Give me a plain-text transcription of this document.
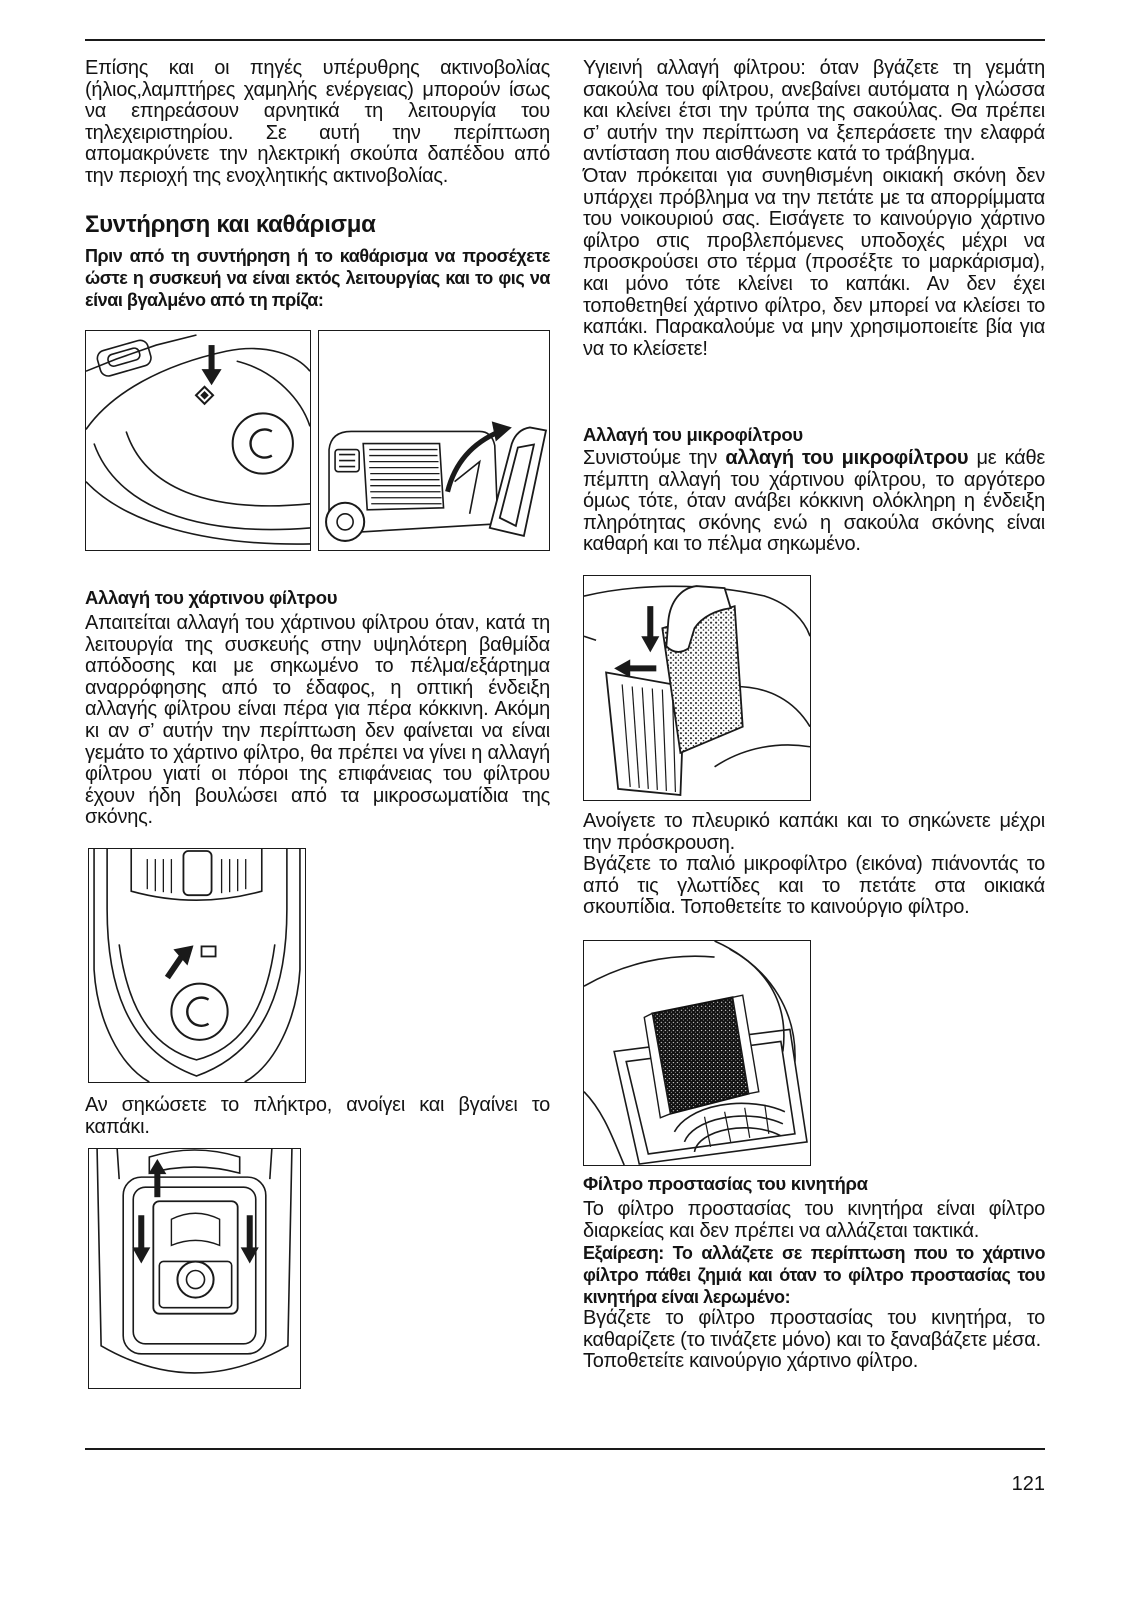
Επίσης και οι πηγές υπέρυθρης ακτινοβολίας (ήλιος,λαμπτήρες χαμηλής ενέργειας) μπορούν ίσως να επηρεάσουν αρνητικά τη λειτουργία του τηλεχειριστηρίου. Σε αυτή την περίπτωση απομακρύνετε την ηλεκτρική σκούπα δαπέδου από την περιοχή της ενοχλητικής ακτινοβολίας.

Συντήρηση και καθάρισμα

Πριν από τη συντήρηση ή το καθάρισμα να προσέχετε ώστε η συσκευή να είναι εκτός λειτουργίας και το φις να είναι βγαλμένο από τη πρίζα:

Αλλαγή του χάρτινου φίλτρου

Απαιτείται αλλαγή του χάρτινου φίλτρου όταν, κατά τη λειτουργία της συσκευής στην υψηλότερη βαθμίδα απόδοσης και με σηκωμένο το πέλμα/εξάρτημα αναρρόφησης από το έδαφος, η οπτική ένδειξη αλλαγής φίλτρου είναι πέρα για πέρα κόκκινη. Ακόμη κι αν σ’ αυτήν την περίπτωση δεν φαίνεται να είναι γεμάτο το χάρτινο φίλτρο, θα πρέπει να γίνει η αλλαγή φίλτρου γιατί οι πόροι της επιφάνειας του φίλτρου έχουν ήδη βουλώσει από τα μικροσωματίδια της σκόνης.

Αν σηκώσετε το πλήκτρο, ανοίγει και βγαίνει το καπάκι.

Υγιεινή αλλαγή φίλτρου: όταν βγάζετε τη γεμάτη σακούλα του φίλτρου, ανεβαίνει αυτόματα η γλώσσα και κλείνει έτσι την τρύπα της σακούλας. Θα πρέπει σ’ αυτήν την περίπτωση να ξεπεράσετε την ελαφρά αντίσταση που αισθάνεστε κατά το τράβηγμα.

Όταν πρόκειται για συνηθισμένη οικιακή σκόνη δεν υπάρχει πρόβλημα να την πετάτε με τα απορρίμματα του νοικουριού σας. Εισάγετε το καινούργιο χάρτινο φίλτρο στις προβλεπόμενες υποδοχές μέχρι να προσκρούσει στο τέρμα (προσέξτε το μαρκάρισμα), και μόνο τότε κλείνει το καπάκι. Αν δεν έχει τοποθετηθεί χάρτινο φίλτρο, δεν μπορεί να κλείσει το καπάκι. Παρακαλούμε να μην χρησιμοποιείτε βία για να το κλείσετε!

Αλλαγή του μικροφίλτρου

Συνιστούμε την αλλαγή του μικροφίλτρου με κάθε πέμπτη αλλαγή του χάρτινου φίλτρου, το αργότερο όμως τότε, όταν ανάβει κόκκινη ολόκληρη η ένδειξη πληρότητας σκόνης ενώ η σακούλα σκόνης είναι καθαρή και το πέλμα σηκωμένο.

Ανοίγετε το πλευρικό καπάκι και το σηκώνετε μέχρι την πρόσκρουση.

Βγάζετε το παλιό μικροφίλτρο (εικόνα) πιάνοντάς το από τις γλωττίδες και το πετάτε στα οικιακά σκουπίδια. Τοποθετείτε το καινούργιο φίλτρο.

Φίλτρο προστασίας του κινητήρα

Το φίλτρο προστασίας του κινητήρα είναι φίλτρο διαρκείας και δεν πρέπει να αλλάζεται τακτικά.

Εξαίρεση: Το αλλάζετε σε περίπτωση που το χάρτινο φίλτρο πάθει ζημιά και όταν το φίλτρο προστασίας του κινητήρα είναι λερωμένο:

Βγάζετε το φίλτρο προστασίας του κινητήρα, το καθαρίζετε (το τινάζετε μόνο) και το ξαναβάζετε μέσα.

Τοποθετείτε καινούργιο χάρτινο φίλτρο.

121
